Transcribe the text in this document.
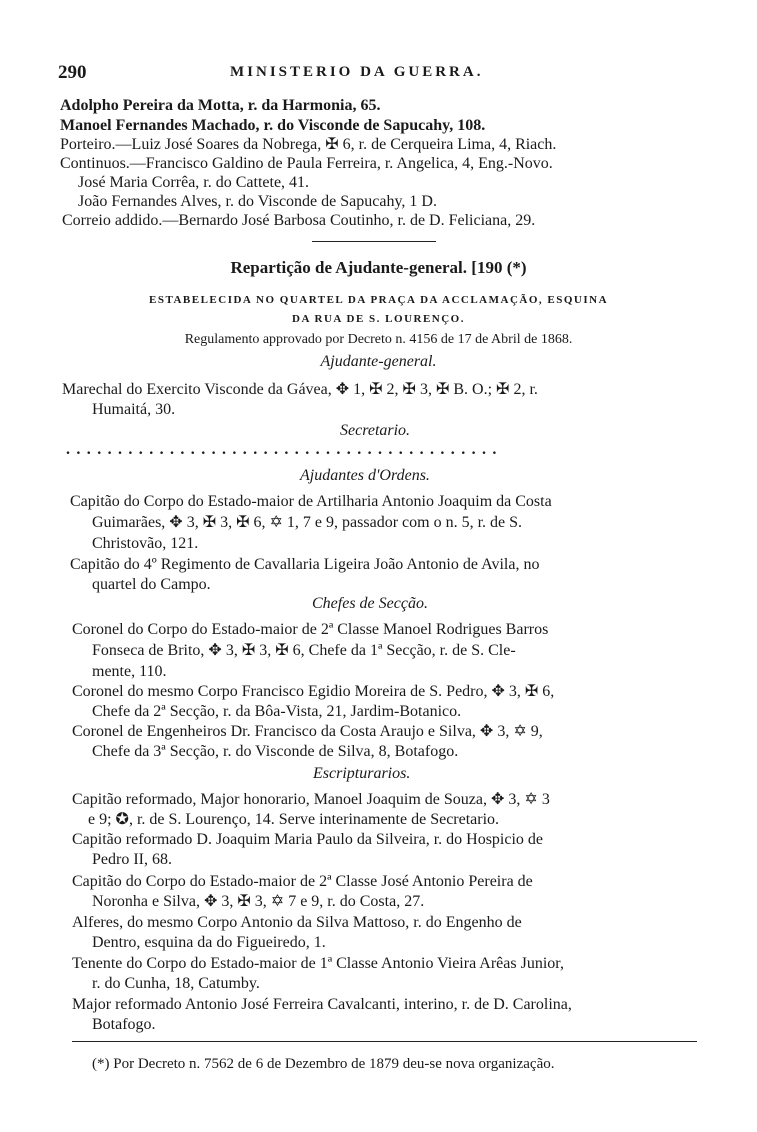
290	MINISTERIO DA GUERRA.
Adolpho Pereira da Motta, r. da Harmonia, 65.
Manoel Fernandes Machado, r. do Visconde de Sapucahy, 108.
Porteiro.—Luiz José Soares da Nobrega, ✠ 6, r. de Cerqueira Lima, 4, Riach.
Continuos.—Francisco Galdino de Paula Ferreira, r. Angelica, 4, Eng.-Novo.
José Maria Corrêa, r. do Cattete, 41.
João Fernandes Alves, r. do Visconde de Sapucahy, 1 D.
Correio addido.—Bernardo José Barbosa Coutinho, r. de D. Feliciana, 29.
Repartição de Ajudante-general. [190 (*)
ESTABELECIDA NO QUARTEL DA PRAÇA DA ACCLAMAÇÃO, ESQUINA
DA RUA DE S. LOURENÇO.
Regulamento approvado por Decreto n. 4156 de 17 de Abril de 1868.
Ajudante-general.
Marechal do Exercito Visconde da Gávea, ✥ 1, ✠ 2, ✠ 3, ✠ B. O.; ✠ 2, r.
Humaitá, 30.
Secretario.
. . . . . . . . . . . . . . . . . . . . . . . . . . . . . . . . . . . . . . . . . .
Ajudantes d'Ordens.
Capitão do Corpo do Estado-maior de Artilharia Antonio Joaquim da Costa
Guimarães, ✥ 3, ✠ 3, ✠ 6, ✡ 1, 7 e 9, passador com o n. 5, r. de S.
Christovão, 121.
Capitão do 4º Regimento de Cavallaria Ligeira João Antonio de Avila, no
quartel do Campo.
Chefes de Secção.
Coronel do Corpo do Estado-maior de 2ª Classe Manoel Rodrigues Barros
Fonseca de Brito, ✥ 3, ✠ 3, ✠ 6, Chefe da 1ª Secção, r. de S. Cle-
mente, 110.
Coronel do mesmo Corpo Francisco Egidio Moreira de S. Pedro, ✥ 3, ✠ 6,
Chefe da 2ª Secção, r. da Bôa-Vista, 21, Jardim-Botanico.
Coronel de Engenheiros Dr. Francisco da Costa Araujo e Silva, ✥ 3, ✡ 9,
Chefe da 3ª Secção, r. do Visconde de Silva, 8, Botafogo.
Escripturarios.
Capitão reformado, Major honorario, Manoel Joaquim de Souza, ✥ 3, ✡ 3
e 9; ✪, r. de S. Lourenço, 14. Serve interinamente de Secretario.
Capitão reformado D. Joaquim Maria Paulo da Silveira, r. do Hospicio de
Pedro II, 68.
Capitão do Corpo do Estado-maior de 2ª Classe José Antonio Pereira de
Noronha e Silva, ✥ 3, ✠ 3, ✡ 7 e 9, r. do Costa, 27.
Alferes, do mesmo Corpo Antonio da Silva Mattoso, r. do Engenho de
Dentro, esquina da do Figueiredo, 1.
Tenente do Corpo do Estado-maior de 1ª Classe Antonio Vieira Arêas Junior,
r. do Cunha, 18, Catumby.
Major reformado Antonio José Ferreira Cavalcanti, interino, r. de D. Carolina,
Botafogo.
(*) Por Decreto n. 7562 de 6 de Dezembro de 1879 deu-se nova organização.
